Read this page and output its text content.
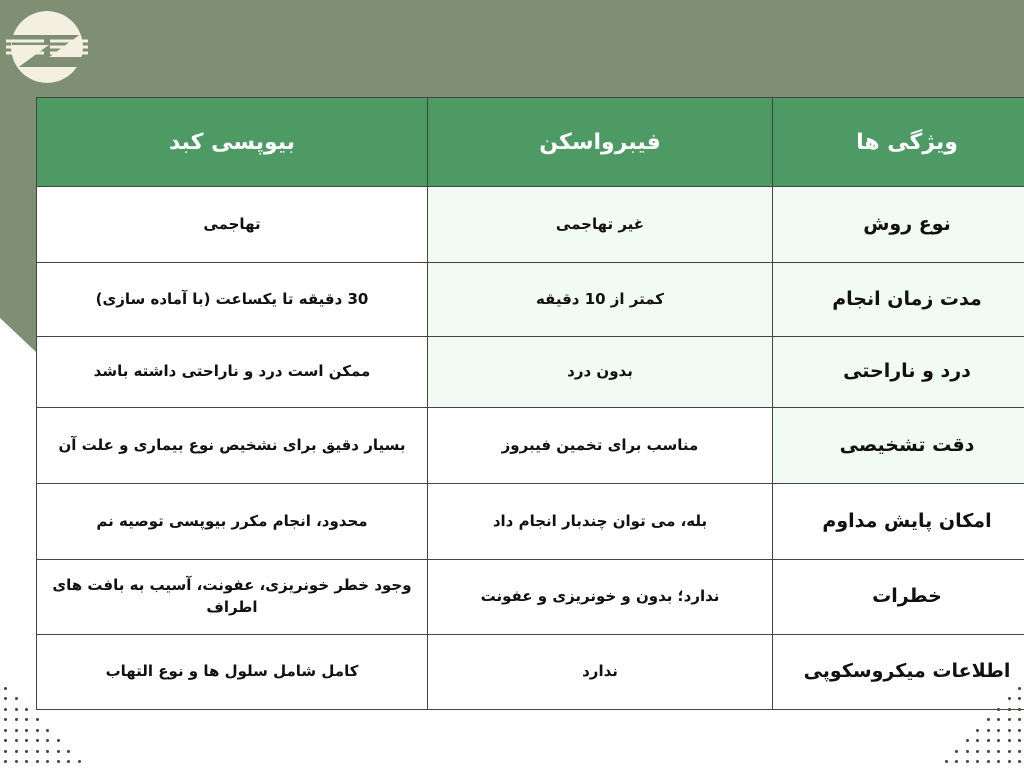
ویژگی ها	فیبرواسکن	بیوپسی کبد
نوع روش	غیر تهاجمی	تهاجمی
مدت زمان انجام	کمتر از 10 دقیقه	30 دقیقه تا یکساعت (با آماده سازی)
درد و ناراحتی	بدون درد	ممکن است درد و ناراحتی داشته باشد
دقت تشخیصی	مناسب برای تخمین فیبروز	بسیار دقیق برای نشخیص نوع بیماری و علت آن
امکان پایش مداوم	بله، می توان چندبار انجام داد	محدود، انجام مکرر بیوپسی توصیه نم
خطرات	ندارد؛ بدون و خونریزی و عفونت	وجود خطر خونریزی، عفونت، آسیب به بافت های اطراف
اطلاعات میکروسکوپی	ندارد	کامل شامل سلول ها و نوع التهاب
